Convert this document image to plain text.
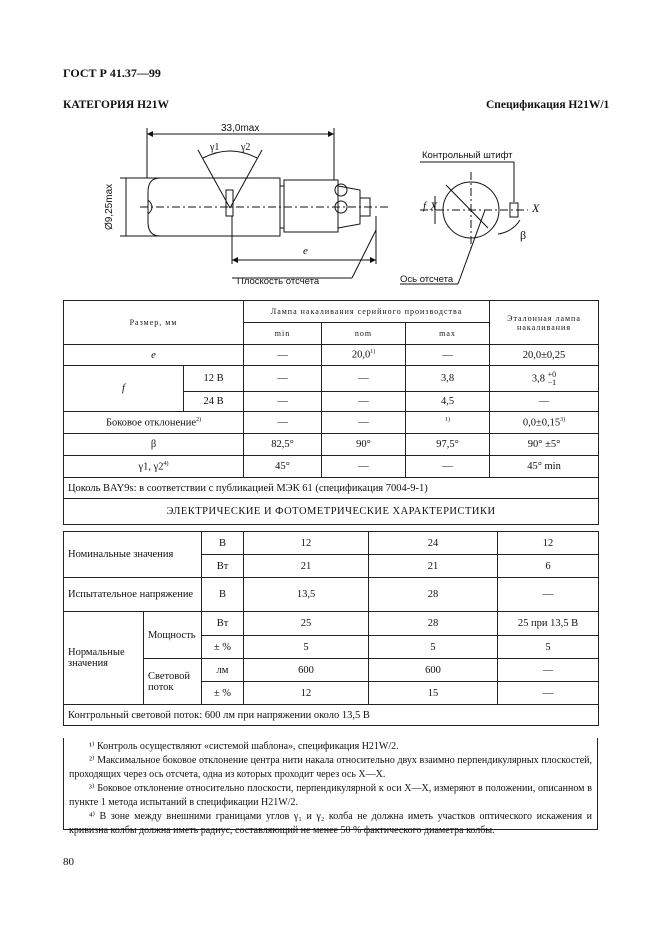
ГОСТ Р 41.37—99
КАТЕГОРИЯ H21W	Спецификация H21W/1
33,0max
Ø9,25max
γ1 γ2
e
Плоскость отсчета
Контрольный штифт
Ось отсчета
X	X
f
β
Размер, мм		Лампа накаливания серийного производства			Эталонная лампа накаливания
		min	nom	max	
e		—	20,0$^{1)}$	—	20,0±0,25
f	12 В	—	—	3,8	3,8 +0
−1
	24 В	—	—	4,5	—
Боковое отклонение$^{2)}$		—	—	$^{1)}$	$0,0\pm 0,15^{3)}$
β		82,5°	90°	97,5°	90° ±5°
γ1, γ2$^{4)}$		45°	—	—	45° min
Цоколь BAY9s: в соответствии с публикацией МЭК 61 (спецификация 7004-9-1)					
ЭЛЕКТРИЧЕСКИЕ И ФОТОМЕТРИЧЕСКИЕ ХАРАКТЕРИСТИКИ					
Номинальные значения		В	12	24	12
		Вт	21	21	6
Испытательное напряжение		В	13,5	28	—
Нормальные значения	Мощность	Вт	25	28	25 при 13,5 В
		± %	5	5	5
	Световой поток	лм	600	600	—
		± %	12	15	—
Контрольный световой поток: 600 лм при напряжении около 13,5 В					

¹⁾ Контроль осуществляют «системой шаблона», спецификация H21W/2.

²⁾ Максимальное боковое отклонение центра нити накала относительно двух взаимно перпендикулярных плоскостей, проходящих через ось отсчета, одна из которых проходит через ось X—X.

³⁾ Боковое отклонение относительно плоскости, перпендикулярной к оси X—X, измеряют в положении, описанном в пункте 1 метода испытаний в спецификации H21W/2.

⁴⁾ В зоне между внешними границами углов γ₁ и γ₂ колба не должна иметь участков оптического искажения и кривизна колбы должна иметь радиус, составляющий не менее 50 % фактического диаметра колбы.

80
